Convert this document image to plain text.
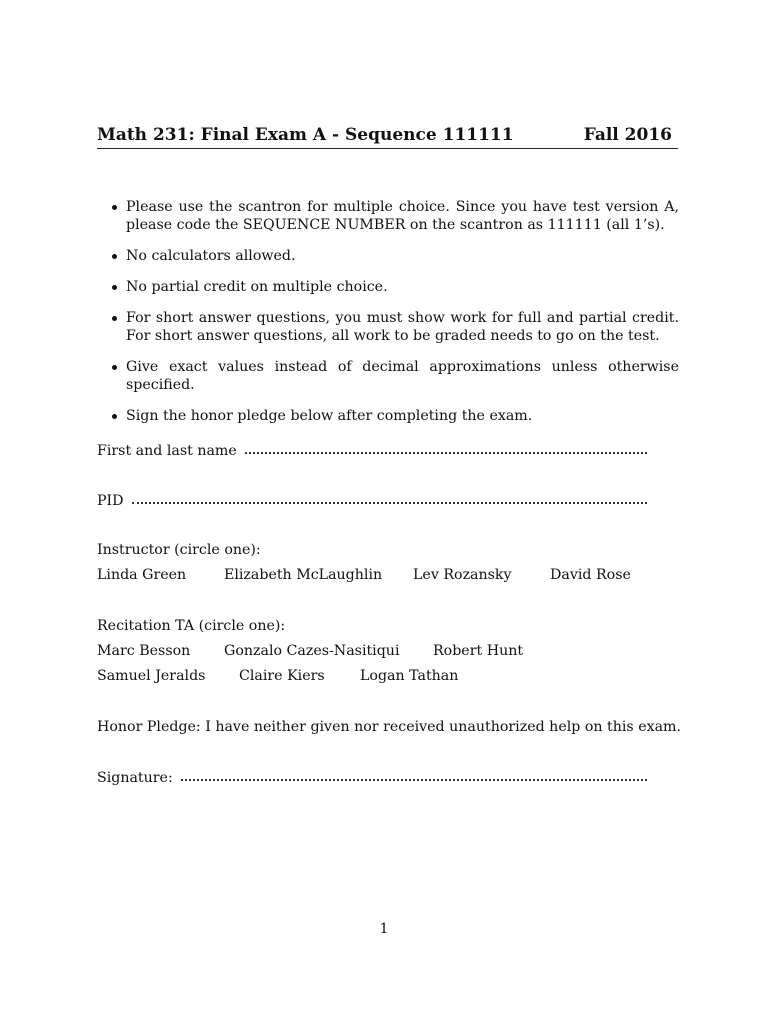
Math 231: Final Exam A - Sequence 111111	Fall 2016
Please use the scantron for multiple choice. Since you have test version A, please code the SEQUENCE NUMBER on the scantron as 111111 (all 1’s).
No calculators allowed.
No partial credit on multiple choice.
For short answer questions, you must show work for full and partial credit. For short answer questions, all work to be graded needs to go on the test.
Give exact values instead of decimal approximations unless otherwise specified.
Sign the honor pledge below after completing the exam.
First and last name
PID
Instructor (circle one):
Linda Green	Elizabeth McLaughlin Lev Rozansky	David Rose
Recitation TA (circle one):
Marc Besson Gonzalo Cazes-Nasitiqui Robert Hunt
Samuel Jeralds Claire Kiers Logan Tathan
Honor Pledge: I have neither given nor received unauthorized help on this exam.
Signature:
1
